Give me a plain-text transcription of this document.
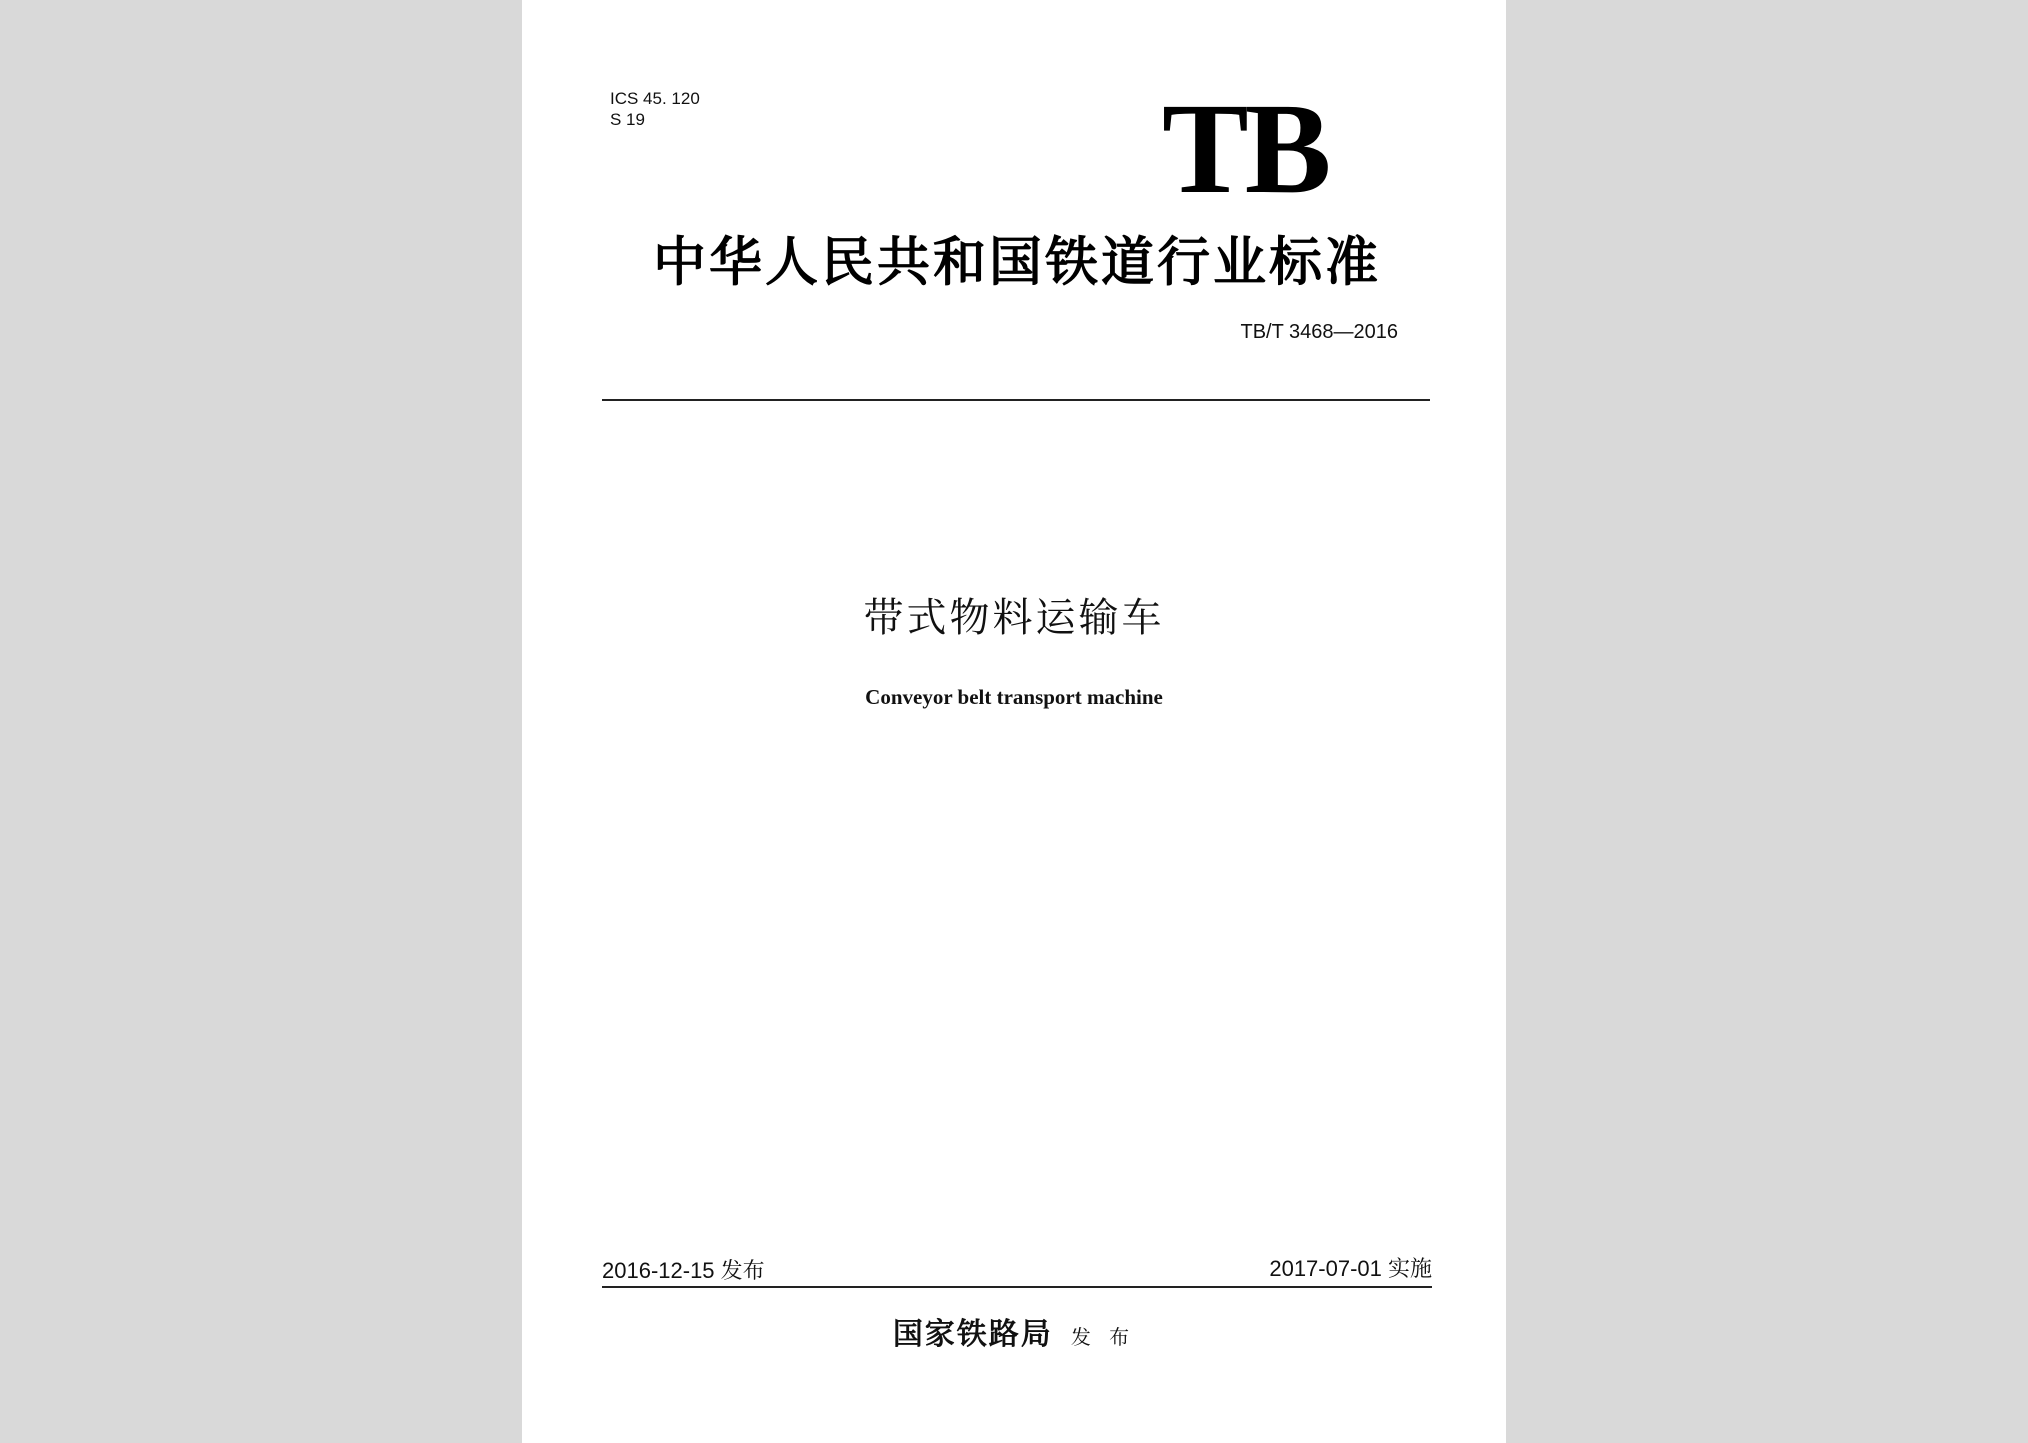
ICS 45. 120
S 19	TB
中华人民共和国铁道行业标准
TB/T 3468—2016
带式物料运输车
Conveyor belt transport machine
2016-12-15 发布	2017-07-01 实施
国家铁路局 发 布
